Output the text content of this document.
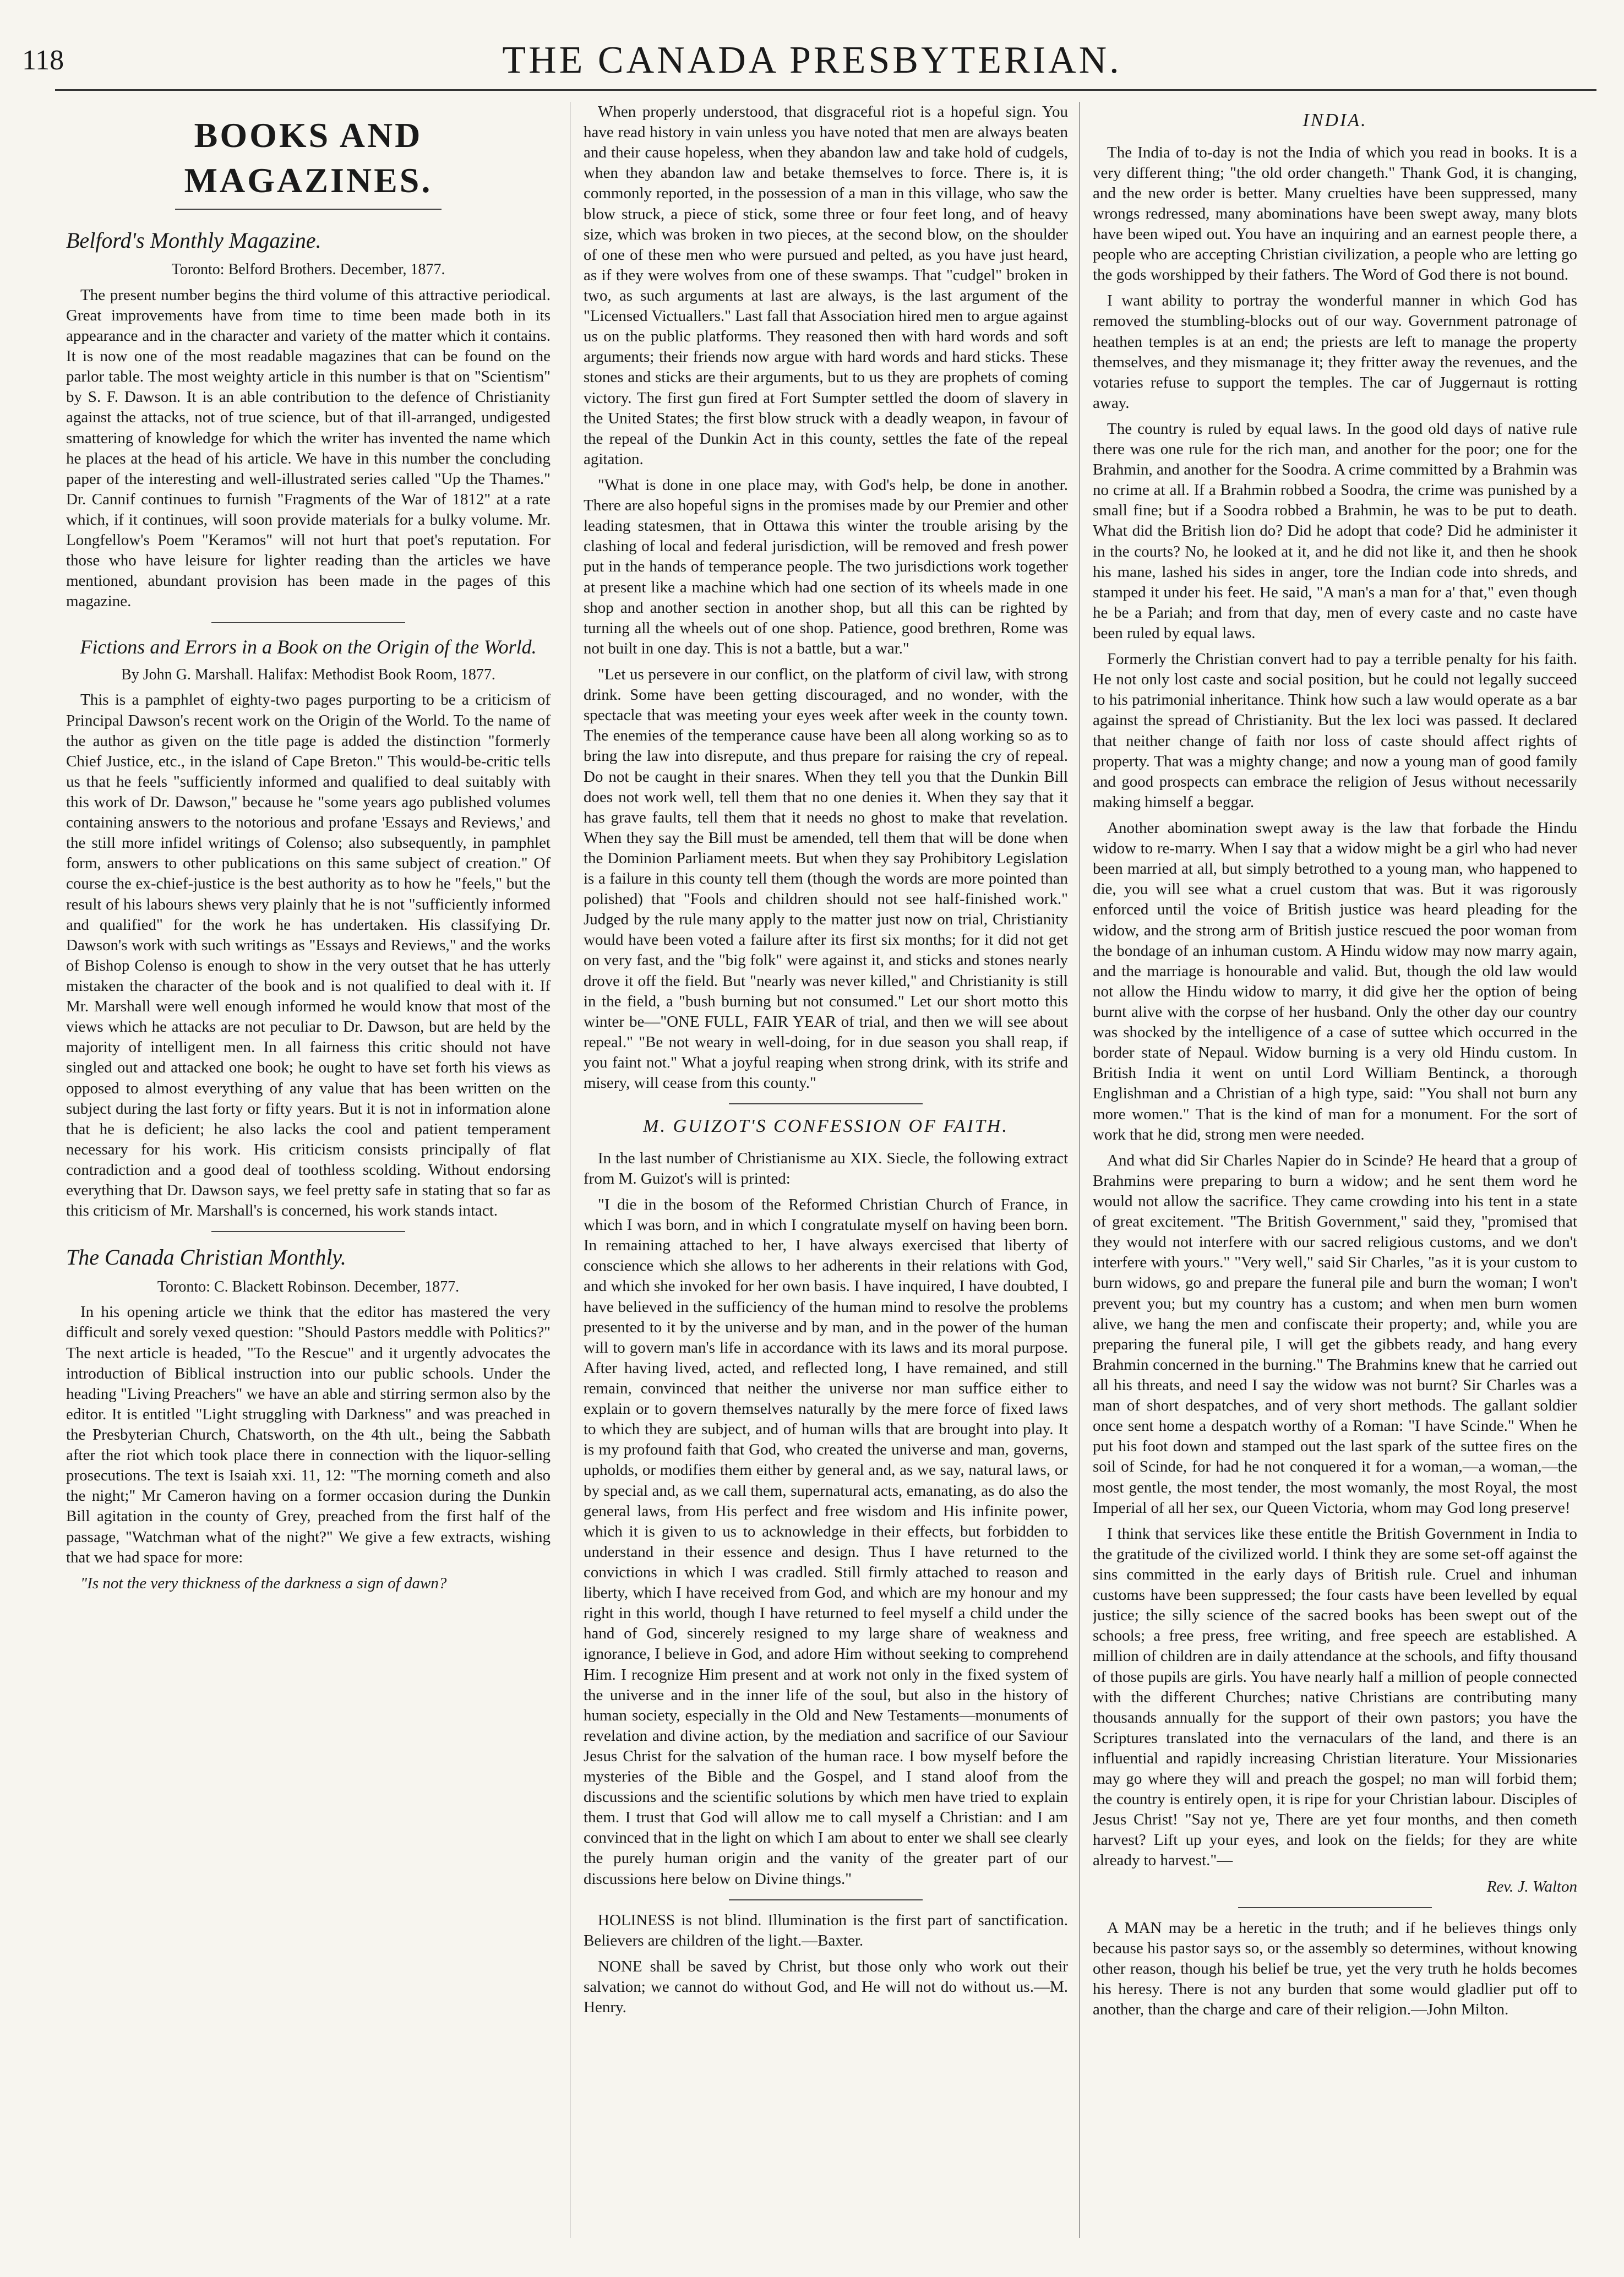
118	THE CANADA PRESBYTERIAN.
BOOKS AND MAGAZINES.

Belford's Monthly Magazine.

Toronto: Belford Brothers. December, 1877.

The present number begins the third volume of this attractive periodical. Great improvements have from time to time been made both in its appearance and in the character and variety of the matter which it contains. It is now one of the most readable magazines that can be found on the parlor table. The most weighty article in this number is that on "Scientism" by S. F. Dawson. It is an able contribution to the defence of Christianity against the attacks, not of true science, but of that ill-arranged, undigested smattering of knowledge for which the writer has invented the name which he places at the head of his article. We have in this number the concluding paper of the interesting and well-illustrated series called "Up the Thames." Dr. Cannif continues to furnish "Fragments of the War of 1812" at a rate which, if it continues, will soon provide materials for a bulky volume. Mr. Longfellow's Poem "Keramos" will not hurt that poet's reputation. For those who have leisure for lighter reading than the articles we have mentioned, abundant provision has been made in the pages of this magazine.

Fictions and Errors in a Book on the Origin of the World.

By John G. Marshall. Halifax: Methodist Book Room, 1877.

This is a pamphlet of eighty-two pages purporting to be a criticism of Principal Dawson's recent work on the Origin of the World. To the name of the author as given on the title page is added the distinction "formerly Chief Justice, etc., in the island of Cape Breton." This would-be-critic tells us that he feels "sufficiently informed and qualified to deal suitably with this work of Dr. Dawson," because he "some years ago published volumes containing answers to the notorious and profane 'Essays and Reviews,' and the still more infidel writings of Colenso; also subsequently, in pamphlet form, answers to other publications on this same subject of creation." Of course the ex-chief-justice is the best authority as to how he "feels," but the result of his labours shews very plainly that he is not "sufficiently informed and qualified" for the work he has undertaken. His classifying Dr. Dawson's work with such writings as "Essays and Reviews," and the works of Bishop Colenso is enough to show in the very outset that he has utterly mistaken the character of the book and is not qualified to deal with it. If Mr. Marshall were well enough informed he would know that most of the views which he attacks are not peculiar to Dr. Dawson, but are held by the majority of intelligent men. In all fairness this critic should not have singled out and attacked one book; he ought to have set forth his views as opposed to almost everything of any value that has been written on the subject during the last forty or fifty years. But it is not in information alone that he is deficient; he also lacks the cool and patient temperament necessary for his work. His criticism consists principally of flat contradiction and a good deal of toothless scolding. Without endorsing everything that Dr. Dawson says, we feel pretty safe in stating that so far as this criticism of Mr. Marshall's is concerned, his work stands intact.

The Canada Christian Monthly.

Toronto: C. Blackett Robinson. December, 1877.

In his opening article we think that the editor has mastered the very difficult and sorely vexed question: "Should Pastors meddle with Politics?" The next article is headed, "To the Rescue" and it urgently advocates the introduction of Biblical instruction into our public schools. Under the heading "Living Preachers" we have an able and stirring sermon also by the editor. It is entitled "Light struggling with Darkness" and was preached in the Presbyterian Church, Chatsworth, on the 4th ult., being the Sabbath after the riot which took place there in connection with the liquor-selling prosecutions. The text is Isaiah xxi. 11, 12: "The morning cometh and also the night;" Mr Cameron having on a former occasion during the Dunkin Bill agitation in the county of Grey, preached from the first half of the passage, "Watchman what of the night?" We give a few extracts, wishing that we had space for more:

"Is not the very thickness of the darkness a sign of dawn?

When properly understood, that disgraceful riot is a hopeful sign. You have read history in vain unless you have noted that men are always beaten and their cause hopeless, when they abandon law and take hold of cudgels, when they abandon law and betake themselves to force. There is, it is commonly reported, in the possession of a man in this village, who saw the blow struck, a piece of stick, some three or four feet long, and of heavy size, which was broken in two pieces, at the second blow, on the shoulder of one of these men who were pursued and pelted, as you have just heard, as if they were wolves from one of these swamps. That "cudgel" broken in two, as such arguments at last are always, is the last argument of the "Licensed Victuallers." Last fall that Association hired men to argue against us on the public platforms. They reasoned then with hard words and soft arguments; their friends now argue with hard words and hard sticks. These stones and sticks are their arguments, but to us they are prophets of coming victory. The first gun fired at Fort Sumpter settled the doom of slavery in the United States; the first blow struck with a deadly weapon, in favour of the repeal of the Dunkin Act in this county, settles the fate of the repeal agitation.

"What is done in one place may, with God's help, be done in another. There are also hopeful signs in the promises made by our Premier and other leading statesmen, that in Ottawa this winter the trouble arising by the clashing of local and federal jurisdiction, will be removed and fresh power put in the hands of temperance people. The two jurisdictions work together at present like a machine which had one section of its wheels made in one shop and another section in another shop, but all this can be righted by turning all the wheels out of one shop. Patience, good brethren, Rome was not built in one day. This is not a battle, but a war."

"Let us persevere in our conflict, on the platform of civil law, with strong drink. Some have been getting discouraged, and no wonder, with the spectacle that was meeting your eyes week after week in the county town. The enemies of the temperance cause have been all along working so as to bring the law into disrepute, and thus prepare for raising the cry of repeal. Do not be caught in their snares. When they tell you that the Dunkin Bill does not work well, tell them that no one denies it. When they say that it has grave faults, tell them that it needs no ghost to make that revelation. When they say the Bill must be amended, tell them that will be done when the Dominion Parliament meets. But when they say Prohibitory Legislation is a failure in this county tell them (though the words are more pointed than polished) that "Fools and children should not see half-finished work." Judged by the rule many apply to the matter just now on trial, Christianity would have been voted a failure after its first six months; for it did not get on very fast, and the "big folk" were against it, and sticks and stones nearly drove it off the field. But "nearly was never killed," and Christianity is still in the field, a "bush burning but not consumed." Let our short motto this winter be—"ONE FULL, FAIR YEAR of trial, and then we will see about repeal." "Be not weary in well-doing, for in due season you shall reap, if you faint not." What a joyful reaping when strong drink, with its strife and misery, will cease from this county."

M. GUIZOT'S CONFESSION OF FAITH.

In the last number of Christianisme au XIX. Siecle, the following extract from M. Guizot's will is printed:

"I die in the bosom of the Reformed Christian Church of France, in which I was born, and in which I congratulate myself on having been born. In remaining attached to her, I have always exercised that liberty of conscience which she allows to her adherents in their relations with God, and which she invoked for her own basis. I have inquired, I have doubted, I have believed in the sufficiency of the human mind to resolve the problems presented to it by the universe and by man, and in the power of the human will to govern man's life in accordance with its laws and its moral purpose. After having lived, acted, and reflected long, I have remained, and still remain, convinced that neither the universe nor man suffice either to explain or to govern themselves naturally by the mere force of fixed laws to which they are subject, and of human wills that are brought into play. It is my profound faith that God, who created the universe and man, governs, upholds, or modifies them either by general and, as we say, natural laws, or by special and, as we call them, supernatural acts, emanating, as do also the general laws, from His perfect and free wisdom and His infinite power, which it is given to us to acknowledge in their effects, but forbidden to understand in their essence and design. Thus I have returned to the convictions in which I was cradled. Still firmly attached to reason and liberty, which I have received from God, and which are my honour and my right in this world, though I have returned to feel myself a child under the hand of God, sincerely resigned to my large share of weakness and ignorance, I believe in God, and adore Him without seeking to comprehend Him. I recognize Him present and at work not only in the fixed system of the universe and in the inner life of the soul, but also in the history of human society, especially in the Old and New Testaments—monuments of revelation and divine action, by the mediation and sacrifice of our Saviour Jesus Christ for the salvation of the human race. I bow myself before the mysteries of the Bible and the Gospel, and I stand aloof from the discussions and the scientific solutions by which men have tried to explain them. I trust that God will allow me to call myself a Christian: and I am convinced that in the light on which I am about to enter we shall see clearly the purely human origin and the vanity of the greater part of our discussions here below on Divine things."

HOLINESS is not blind. Illumination is the first part of sanctification. Believers are children of the light.—Baxter.

NONE shall be saved by Christ, but those only who work out their salvation; we cannot do without God, and He will not do without us.—M. Henry.

INDIA.

The India of to-day is not the India of which you read in books. It is a very different thing; "the old order changeth." Thank God, it is changing, and the new order is better. Many cruelties have been suppressed, many wrongs redressed, many abominations have been swept away, many blots have been wiped out. You have an inquiring and an earnest people there, a people who are accepting Christian civilization, a people who are letting go the gods worshipped by their fathers. The Word of God there is not bound.

I want ability to portray the wonderful manner in which God has removed the stumbling-blocks out of our way. Government patronage of heathen temples is at an end; the priests are left to manage the property themselves, and they mismanage it; they fritter away the revenues, and the votaries refuse to support the temples. The car of Juggernaut is rotting away.

The country is ruled by equal laws. In the good old days of native rule there was one rule for the rich man, and another for the poor; one for the Brahmin, and another for the Soodra. A crime committed by a Brahmin was no crime at all. If a Brahmin robbed a Soodra, the crime was punished by a small fine; but if a Soodra robbed a Brahmin, he was to be put to death. What did the British lion do? Did he adopt that code? Did he administer it in the courts? No, he looked at it, and he did not like it, and then he shook his mane, lashed his sides in anger, tore the Indian code into shreds, and stamped it under his feet. He said, "A man's a man for a' that," even though he be a Pariah; and from that day, men of every caste and no caste have been ruled by equal laws.

Formerly the Christian convert had to pay a terrible penalty for his faith. He not only lost caste and social position, but he could not legally succeed to his patrimonial inheritance. Think how such a law would operate as a bar against the spread of Christianity. But the lex loci was passed. It declared that neither change of faith nor loss of caste should affect rights of property. That was a mighty change; and now a young man of good family and good prospects can embrace the religion of Jesus without necessarily making himself a beggar.

Another abomination swept away is the law that forbade the Hindu widow to re-marry. When I say that a widow might be a girl who had never been married at all, but simply betrothed to a young man, who happened to die, you will see what a cruel custom that was. But it was rigorously enforced until the voice of British justice was heard pleading for the widow, and the strong arm of British justice rescued the poor woman from the bondage of an inhuman custom. A Hindu widow may now marry again, and the marriage is honourable and valid. But, though the old law would not allow the Hindu widow to marry, it did give her the option of being burnt alive with the corpse of her husband. Only the other day our country was shocked by the intelligence of a case of suttee which occurred in the border state of Nepaul. Widow burning is a very old Hindu custom. In British India it went on until Lord William Bentinck, a thorough Englishman and a Christian of a high type, said: "You shall not burn any more women." That is the kind of man for a monument. For the sort of work that he did, strong men were needed.

And what did Sir Charles Napier do in Scinde? He heard that a group of Brahmins were preparing to burn a widow; and he sent them word he would not allow the sacrifice. They came crowding into his tent in a state of great excitement. "The British Government," said they, "promised that they would not interfere with our sacred religious customs, and we don't interfere with yours." "Very well," said Sir Charles, "as it is your custom to burn widows, go and prepare the funeral pile and burn the woman; I won't prevent you; but my country has a custom; and when men burn women alive, we hang the men and confiscate their property; and, while you are preparing the funeral pile, I will get the gibbets ready, and hang every Brahmin concerned in the burning." The Brahmins knew that he carried out all his threats, and need I say the widow was not burnt? Sir Charles was a man of short despatches, and of very short methods. The gallant soldier once sent home a despatch worthy of a Roman: "I have Scinde." When he put his foot down and stamped out the last spark of the suttee fires on the soil of Scinde, for had he not conquered it for a woman,—a woman,—the most gentle, the most tender, the most womanly, the most Royal, the most Imperial of all her sex, our Queen Victoria, whom may God long preserve!

I think that services like these entitle the British Government in India to the gratitude of the civilized world. I think they are some set-off against the sins committed in the early days of British rule. Cruel and inhuman customs have been suppressed; the four casts have been levelled by equal justice; the silly science of the sacred books has been swept out of the schools; a free press, free writing, and free speech are established. A million of children are in daily attendance at the schools, and fifty thousand of those pupils are girls. You have nearly half a million of people connected with the different Churches; native Christians are contributing many thousands annually for the support of their own pastors; you have the Scriptures translated into the vernaculars of the land, and there is an influential and rapidly increasing Christian literature. Your Missionaries may go where they will and preach the gospel; no man will forbid them; the country is entirely open, it is ripe for your Christian labour. Disciples of Jesus Christ! "Say not ye, There are yet four months, and then cometh harvest? Lift up your eyes, and look on the fields; for they are white already to harvest."—

Rev. J. Walton

A MAN may be a heretic in the truth; and if he believes things only because his pastor says so, or the assembly so determines, without knowing other reason, though his belief be true, yet the very truth he holds becomes his heresy. There is not any burden that some would gladlier put off to another, than the charge and care of their religion.—John Milton.
